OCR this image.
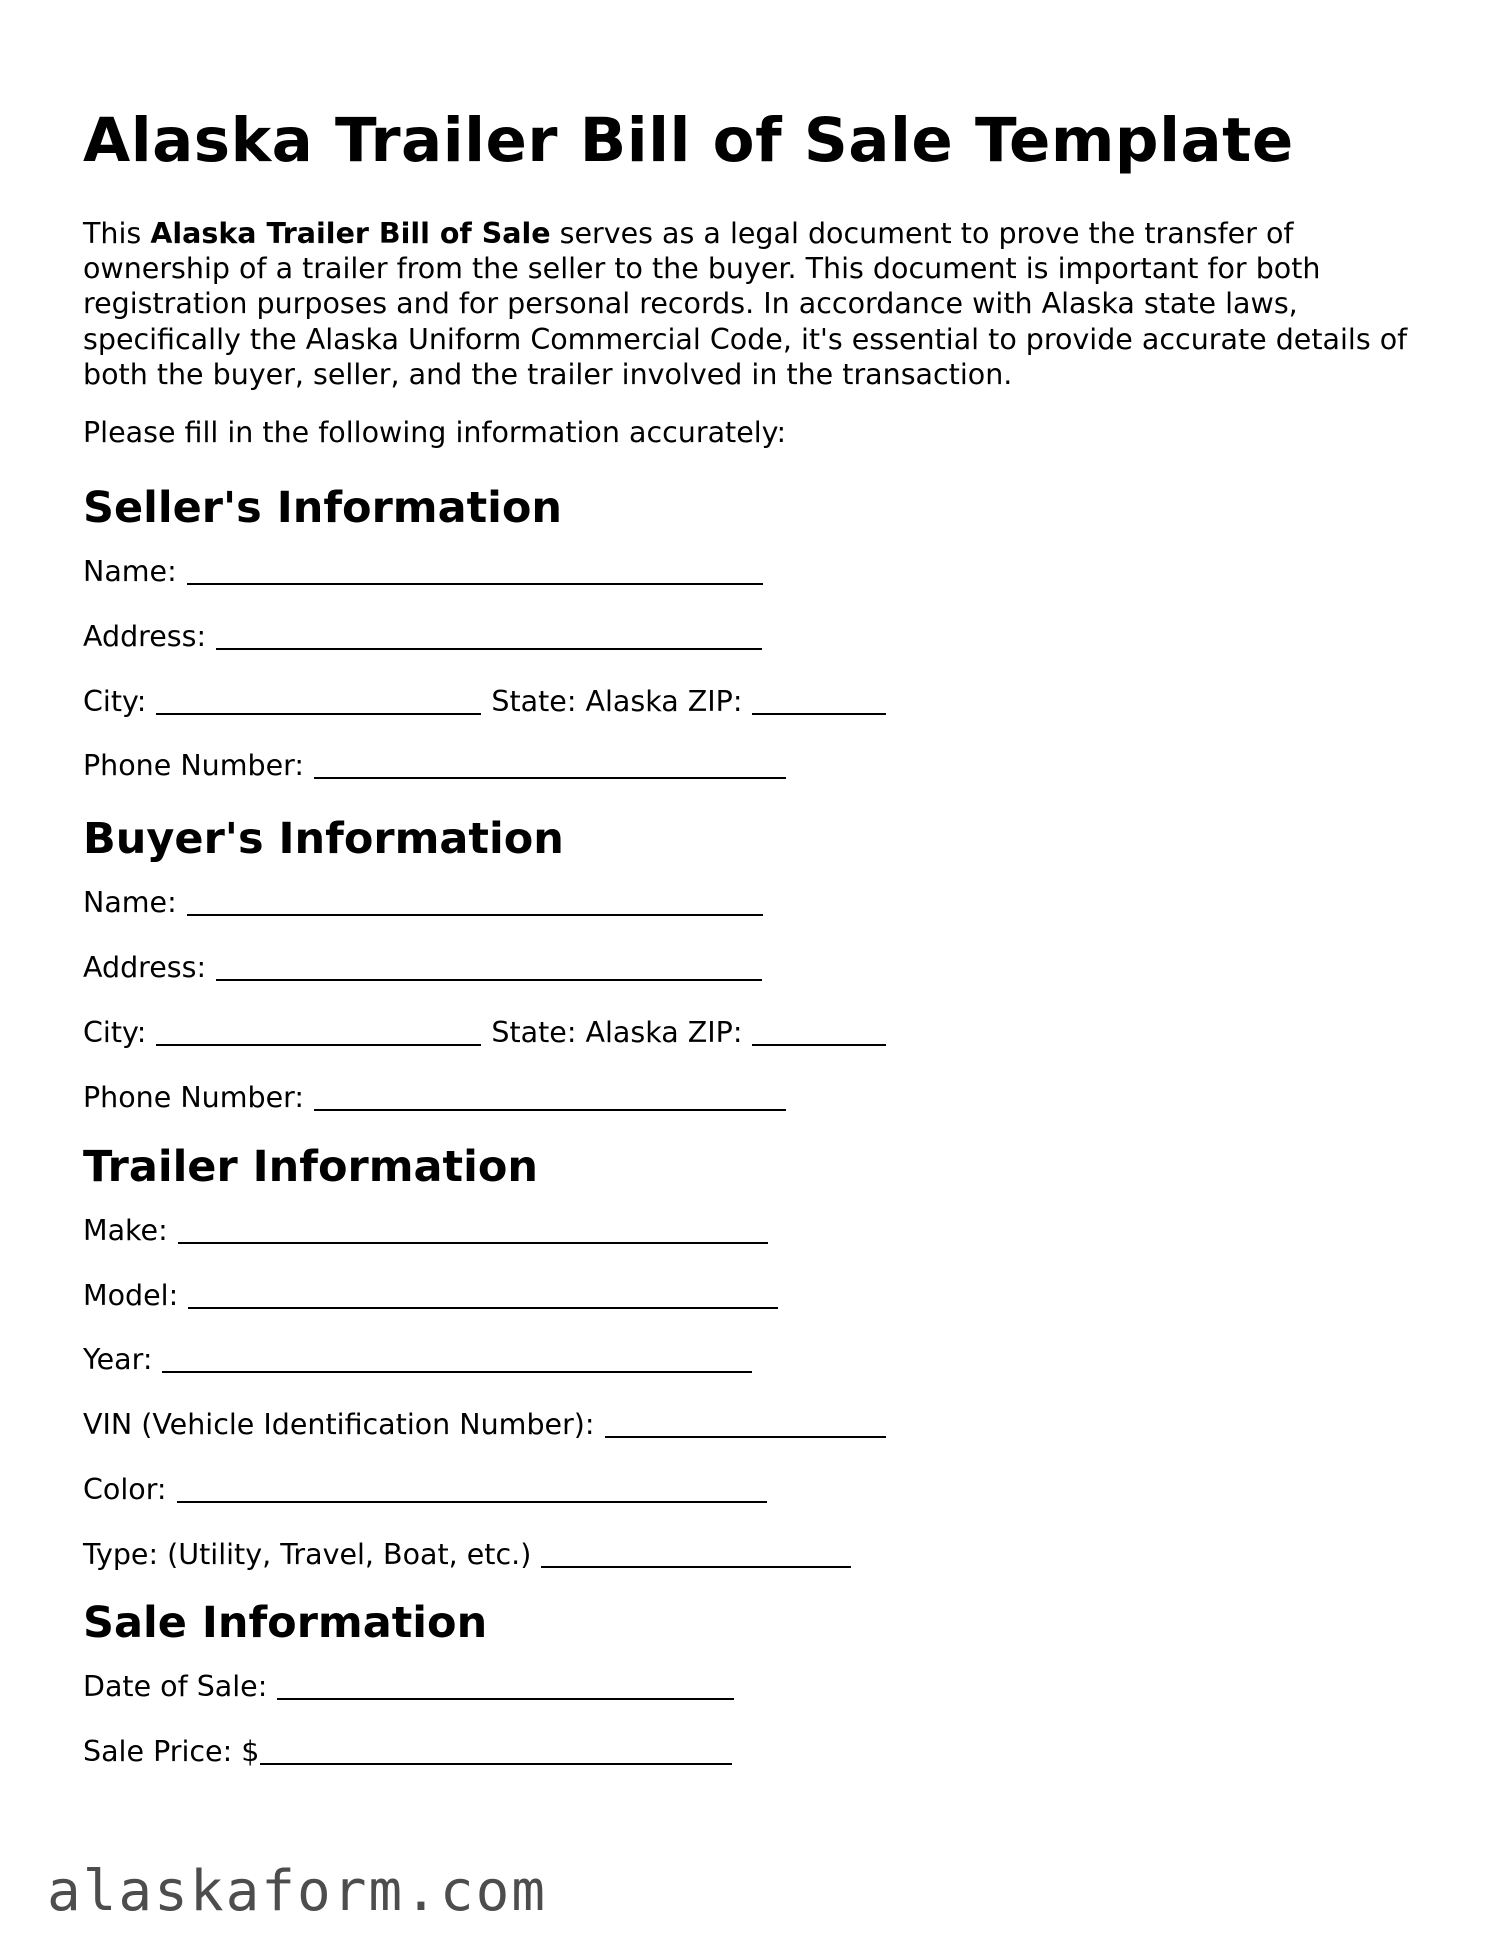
Alaska Trailer Bill of Sale Template

This Alaska Trailer Bill of Sale serves as a legal document to prove the transfer of ownership of a trailer from the seller to the buyer. This document is important for both registration purposes and for personal records. In accordance with Alaska state laws, specifically the Alaska Uniform Commercial Code, it's essential to provide accurate details of both the buyer, seller, and the trailer involved in the transaction.

Please fill in the following information accurately:

Seller's Information
Name:
Address:
City:	State: Alaska ZIP:
Phone Number:
Buyer's Information
Name:
Address:
City:	State: Alaska ZIP:
Phone Number:
Trailer Information
Make:
Model:
Year:
VIN (Vehicle Identification Number):
Color:
Type: (Utility, Travel, Boat, etc.)
Sale Information
Date of Sale:
Sale Price: $
alaskaform.com
